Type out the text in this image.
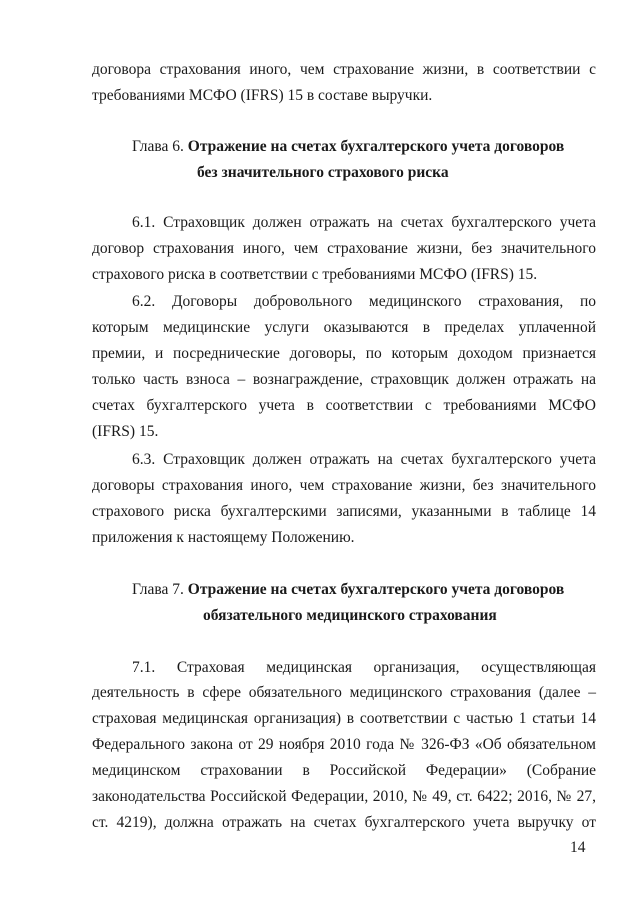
договора страхования иного, чем страхование жизни, в соответствии с

требованиями МСФО (IFRS) 15 в составе выручки.

Глава 6. Отражение на счетах бухгалтерского учета договоров

без значительного страхового риска

6.1. Страховщик должен отражать на счетах бухгалтерского учета

договор страхования иного, чем страхование жизни, без значительного

страхового риска в соответствии с требованиями МСФО (IFRS) 15.

6.2. Договоры добровольного медицинского страхования, по

которым медицинские услуги оказываются в пределах уплаченной

премии, и посреднические договоры, по которым доходом признается

только часть взноса – вознаграждение, страховщик должен отражать на

счетах бухгалтерского учета в соответствии с требованиями МСФО

(IFRS) 15.

6.3. Страховщик должен отражать на счетах бухгалтерского учета

договоры страхования иного, чем страхование жизни, без значительного

страхового риска бухгалтерскими записями, указанными в таблице 14

приложения к настоящему Положению.

Глава 7. Отражение на счетах бухгалтерского учета договоров

обязательного медицинского страхования

7.1. Страховая медицинская организация, осуществляющая

деятельность в сфере обязательного медицинского страхования (далее –

страховая медицинская организация) в соответствии с частью 1 статьи 14

Федерального закона от 29 ноября 2010 года № 326-ФЗ «Об обязательном

медицинском страховании в Российской Федерации» (Собрание

законодательства Российской Федерации, 2010, № 49, ст. 6422; 2016, № 27,

ст. 4219), должна отражать на счетах бухгалтерского учета выручку от

14
